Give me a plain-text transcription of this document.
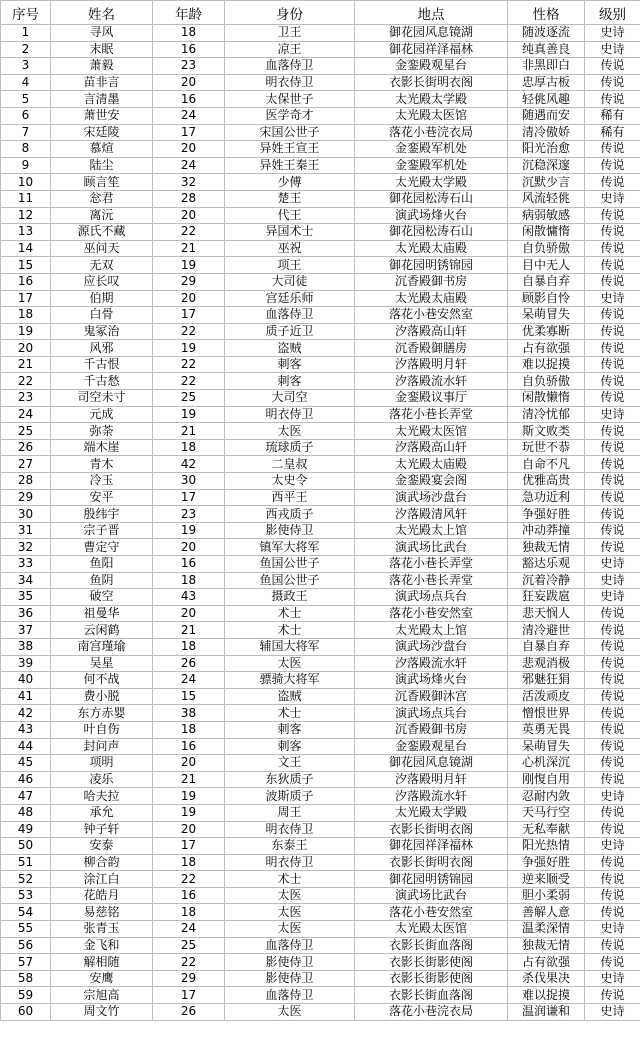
序号	姓名	年龄	身份	地点	性格	级别
1	寻风	18	卫王	御花园风息镜湖	随波逐流	史诗
2	末眠	16	凉王	御花园祥泽福林	纯真善良	史诗
3	萧毅	23	血落侍卫	金銮殿观星台	非黑即白	传说
4	苗非言	20	明衣侍卫	衣影长街明衣阁	忠厚古板	传说
5	言清墨	16	太保世子	太光殿太学殿	轻佻风趣	传说
6	萧世安	24	医学奇才	太光殿太医馆	随遇而安	稀有
7	宋廷陵	17	宋国公世子	落花小巷浣衣局	清冷傲娇	稀有
8	慕煊	20	异姓王宣王	金銮殿军机处	阳光治愈	传说
9	陆尘	24	异姓王秦王	金銮殿军机处	沉稳深邃	传说
10	顾言笙	32	少傅	太光殿太学殿	沉默少言	传说
11	忩君	28	楚王	御花园松涛石山	风流轻佻	史诗
12	离沅	20	代王	演武场烽火台	病弱敏感	传说
13	源氏不藏	22	异国术士	御花园松涛石山	闲散慵惰	传说
14	巫问天	21	巫祝	太光殿太庙殿	自负骄傲	传说
15	无双	19	项王	御花园明锈锦园	目中无人	传说
16	应长叹	29	大司徒	沉香殿御书房	自暴自弃	传说
17	伯期	20	宫廷乐师	太光殿太庙殿	顾影自怜	史诗
18	白骨	17	血落侍卫	落花小巷安然室	呆萌冒失	传说
19	鬼冢治	22	质子近卫	汐落殿高山轩	优柔寡断	传说
20	风邪	19	盗贼	沉香殿御膳房	占有欲强	传说
21	千古恨	22	刺客	汐落殿明月轩	难以捉摸	传说
22	千古愁	22	刺客	汐落殿流水轩	自负骄傲	传说
23	司空未寸	25	大司空	金銮殿议事厅	闲散懒惰	传说
24	元成	19	明衣侍卫	落花小巷长弄堂	清冷忧郁	史诗
25	弥荼	21	太医	太光殿太医馆	斯文败类	传说
26	端木崖	18	琉球质子	汐落殿高山轩	玩世不恭	传说
27	青木	42	二皇叔	太光殿太庙殿	自命不凡	传说
28	冷玉	30	太史令	金銮殿宴会阁	优雅高贵	传说
29	安平	17	西平王	演武场沙盘台	急功近利	传说
30	殷纬宇	23	西戎质子	汐落殿清风轩	争强好胜	传说
31	宗子晋	19	影使侍卫	太光殿太上馆	冲动莽撞	传说
32	曹定守	20	镇军大将军	演武场比武台	独裁无情	传说
33	鱼阳	16	鱼国公世子	落花小巷长弄堂	豁达乐观	史诗
34	鱼阴	18	鱼国公世子	落花小巷长弄堂	沉着冷静	史诗
35	破空	43	摄政王	演武场点兵台	狂妄跋扈	史诗
36	祖曼华	20	术士	落花小巷安然室	悲天悯人	传说
37	云闲鹤	21	术士	太光殿太上馆	清冷避世	传说
38	南宫瑾瑜	18	辅国大将军	演武场沙盘台	自暴自弃	传说
39	吴星	26	太医	汐落殿流水轩	悲观消极	传说
40	何不战	24	骠骑大将军	演武场烽火台	邪魅狂狷	传说
41	费小脱	15	盗贼	沉香殿御沐宫	活泼顽皮	传说
42	东方赤婴	38	术士	演武场点兵台	憎恨世界	传说
43	叶自伤	18	刺客	沉香殿御书房	英勇无畏	传说
44	封问声	16	刺客	金銮殿观星台	呆萌冒失	传说
45	项明	20	文王	御花园风息镜湖	心机深沉	传说
46	凌乐	21	东狄质子	汐落殿明月轩	刚愎自用	传说
47	哈夫拉	19	波斯质子	汐落殿流水轩	忍耐内敛	史诗
48	承允	19	周王	太光殿太学殿	天马行空	传说
49	钟子轩	20	明衣侍卫	衣影长街明衣阁	无私奉献	传说
50	安泰	17	东泰王	御花园祥泽福林	阳光热情	史诗
51	柳合韵	18	明衣侍卫	衣影长街明衣阁	争强好胜	传说
52	涂江白	22	术士	御花园明锈锦园	逆来顺受	传说
53	花皓月	16	太医	演武场比武台	胆小柔弱	传说
54	易慈铭	18	太医	落花小巷安然室	善解人意	传说
55	张青玉	24	太医	太光殿太医馆	温柔深情	史诗
56	金飞和	25	血落侍卫	衣影长街血落阁	独裁无情	传说
57	解相随	22	影使侍卫	衣影长街影使阁	占有欲强	传说
58	安鹰	29	影使侍卫	衣影长街影使阁	杀伐果决	史诗
59	宗旭高	17	血落侍卫	衣影长街血落阁	难以捉摸	传说
60	周文竹	26	太医	落花小巷浣衣局	温润谦和	史诗
